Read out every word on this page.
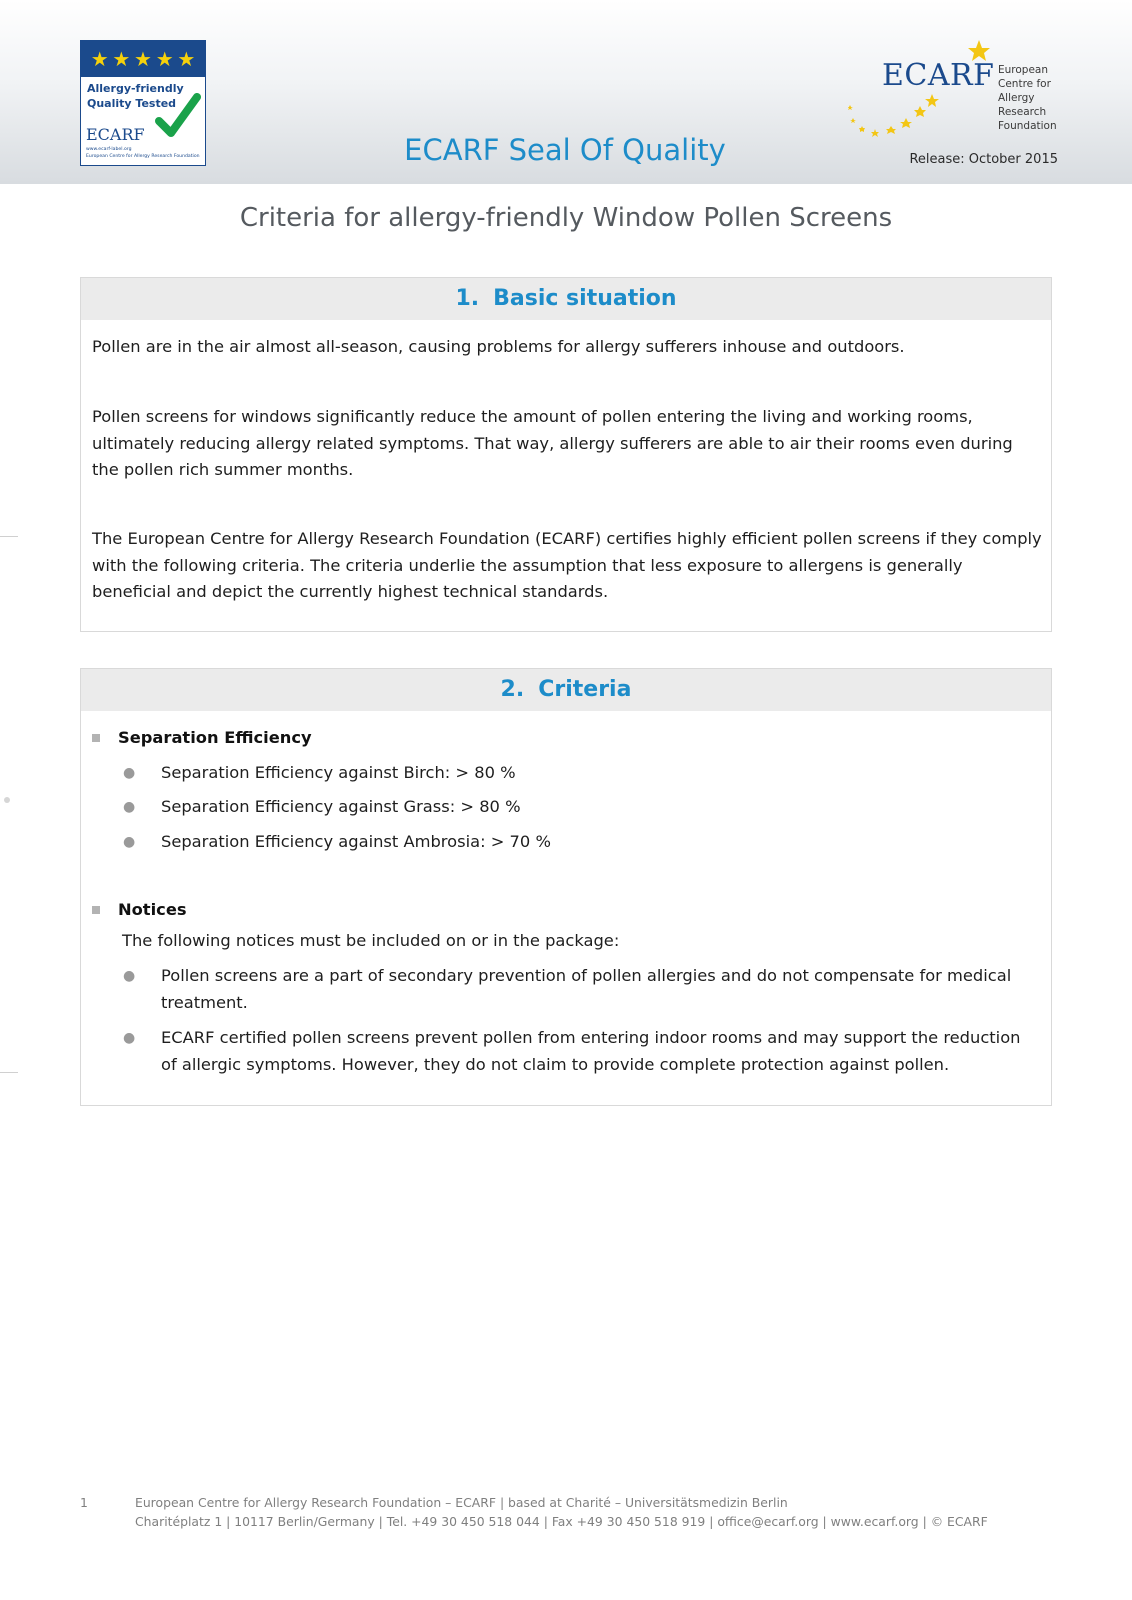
★ ★ ★ ★ ★
Allergy-friendly
Quality Tested
ECARF
www.ecarf-label.org
European Centre for Allergy Research Foundation	ECARF Seal Of Quality
ECARF European
Centre for
Allergy
Research
Foundation
Release: October 2015
Criteria for allergy-friendly Window Pollen Screens
1. Basic situation
Pollen are in the air almost all-season, causing problems for allergy sufferers inhouse and outdoors.
Pollen screens for windows significantly reduce the amount of pollen entering the living and working rooms, ultimately reducing allergy related symptoms. That way, allergy sufferers are able to air their rooms even during the pollen rich summer months.
The European Centre for Allergy Research Foundation (ECARF) certifies highly efficient pollen screens if they comply with the following criteria. The criteria underlie the assumption that less exposure to allergens is generally beneficial and depict the currently highest technical standards.
2. Criteria
Separation Efficiency
●	Separation Efficiency against Birch: > 80 %
●	Separation Efficiency against Grass: > 80 %
●	Separation Efficiency against Ambrosia: > 70 %
Notices
The following notices must be included on or in the package:
●	Pollen screens are a part of secondary prevention of pollen allergies and do not compensate for medical treatment.
●	ECARF certified pollen screens prevent pollen from entering indoor rooms and may support the reduction of allergic symptoms. However, they do not claim to provide complete protection against pollen.
1	European Centre for Allergy Research Foundation – ECARF | based at Charité – Universitätsmedizin Berlin
Charitéplatz 1 | 10117 Berlin/Germany | Tel. +49 30 450 518 044 | Fax +49 30 450 518 919 | office@ecarf.org | www.ecarf.org | © ECARF
